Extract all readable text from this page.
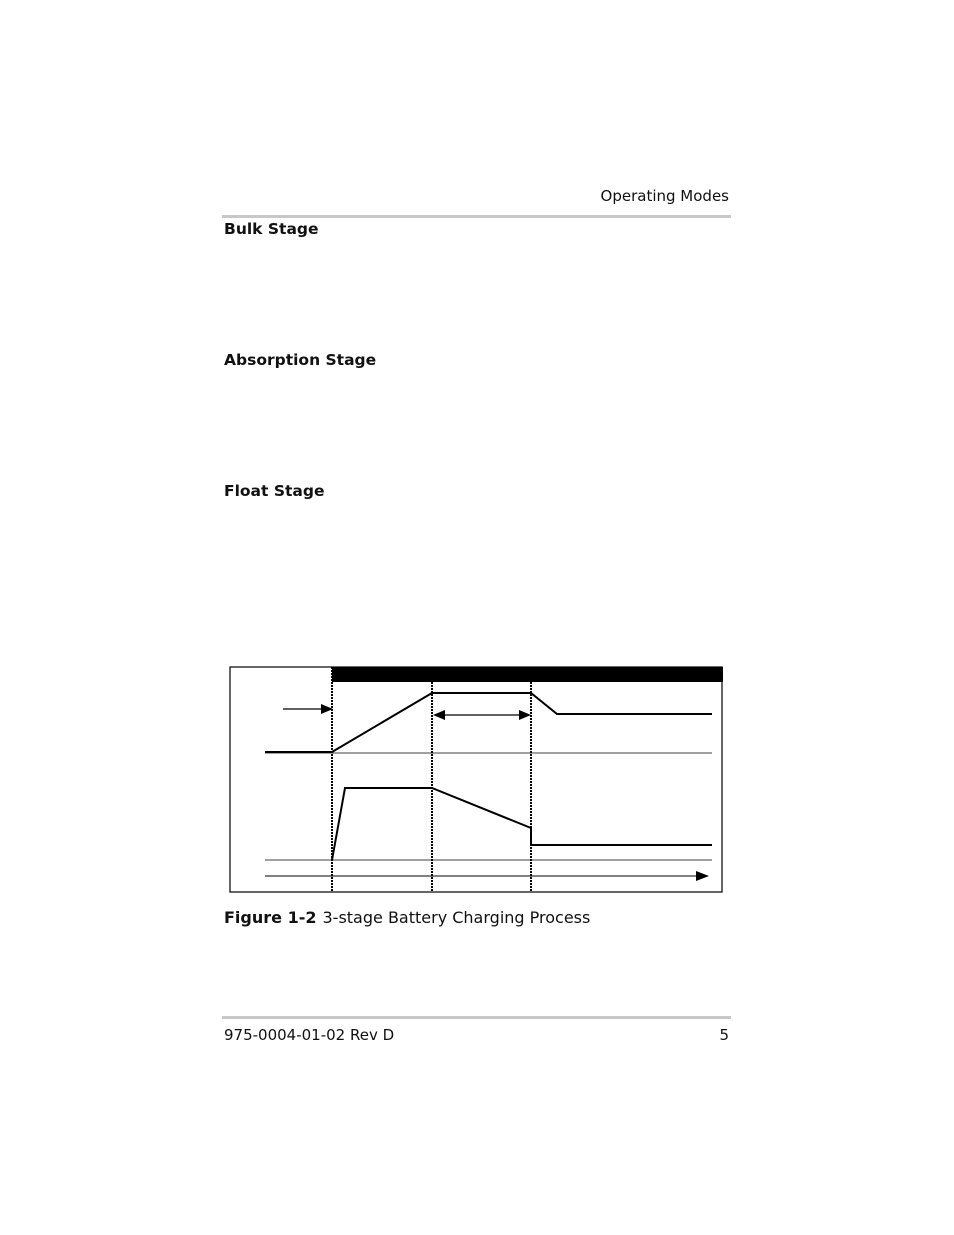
Operating Modes
Bulk Stage
Absorption Stage
Float Stage
Figure 1-2 3-stage Battery Charging Process
975-0004-01-02 Rev D	5
